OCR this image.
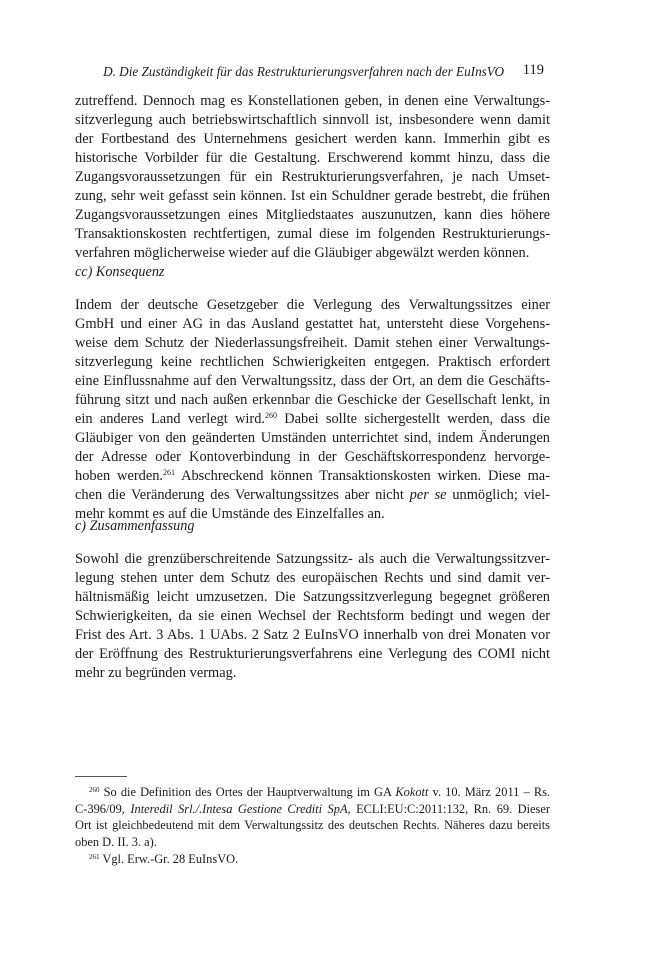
D. Die Zuständigkeit für das Restrukturierungsverfahren nach der EuInsVO 119
zutreffend. Dennoch mag es Konstellationen geben, in denen eine Verwaltungs-
sitzverlegung auch betriebswirtschaftlich sinnvoll ist, insbesondere wenn damit
der Fortbestand des Unternehmens gesichert werden kann. Immerhin gibt es
historische Vorbilder für die Gestaltung. Erschwerend kommt hinzu, dass die
Zugangsvoraussetzungen für ein Restrukturierungsverfahren, je nach Umset-
zung, sehr weit gefasst sein können. Ist ein Schuldner gerade bestrebt, die frühen
Zugangsvoraussetzungen eines Mitgliedstaates auszunutzen, kann dies höhere
Transaktionskosten rechtfertigen, zumal diese im folgenden Restrukturierungs-
verfahren möglicherweise wieder auf die Gläubiger abgewälzt werden können.
cc) Konsequenz
Indem der deutsche Gesetzgeber die Verlegung des Verwaltungssitzes einer
GmbH und einer AG in das Ausland gestattet hat, untersteht diese Vorgehens-
weise dem Schutz der Niederlassungsfreiheit. Damit stehen einer Verwaltungs-
sitzverlegung keine rechtlichen Schwierigkeiten entgegen. Praktisch erfordert
eine Einflussnahme auf den Verwaltungssitz, dass der Ort, an dem die Geschäfts-
führung sitzt und nach außen erkennbar die Geschicke der Gesellschaft lenkt, in
ein anderes Land verlegt wird.$^{260}$ Dabei sollte sichergestellt werden, dass die
Gläubiger von den geänderten Umständen unterrichtet sind, indem Änderungen
der Adresse oder Kontoverbindung in der Geschäftskorrespondenz hervorge-
hoben werden.$^{261}$ Abschreckend können Transaktionskosten wirken. Diese ma-
chen die Veränderung des Verwaltungssitzes aber nicht per se unmöglich; viel-
mehr kommt es auf die Umstände des Einzelfalles an.
c) Zusammenfassung
Sowohl die grenzüberschreitende Satzungssitz- als auch die Verwaltungssitzver-
legung stehen unter dem Schutz des europäischen Rechts und sind damit ver-
hältnismäßig leicht umzusetzen. Die Satzungssitzverlegung begegnet größeren
Schwierigkeiten, da sie einen Wechsel der Rechtsform bedingt und wegen der
Frist des Art. 3 Abs. 1 UAbs. 2 Satz 2 EuInsVO innerhalb von drei Monaten vor
der Eröffnung des Restrukturierungsverfahrens eine Verlegung des COMI nicht
mehr zu begründen vermag.
$^{260}$ So die Definition des Ortes der Hauptverwaltung im GA Kokott v. 10. März 2011 – Rs.
C-396/09, Interedil Srl./.Intesa Gestione Crediti SpA, ECLI:EU:C:2011:132, Rn. 69. Dieser
Ort ist gleichbedeutend mit dem Verwaltungssitz des deutschen Rechts. Näheres dazu bereits
oben D. II. 3. a).
$^{261}$ Vgl. Erw.-Gr. 28 EuInsVO.
